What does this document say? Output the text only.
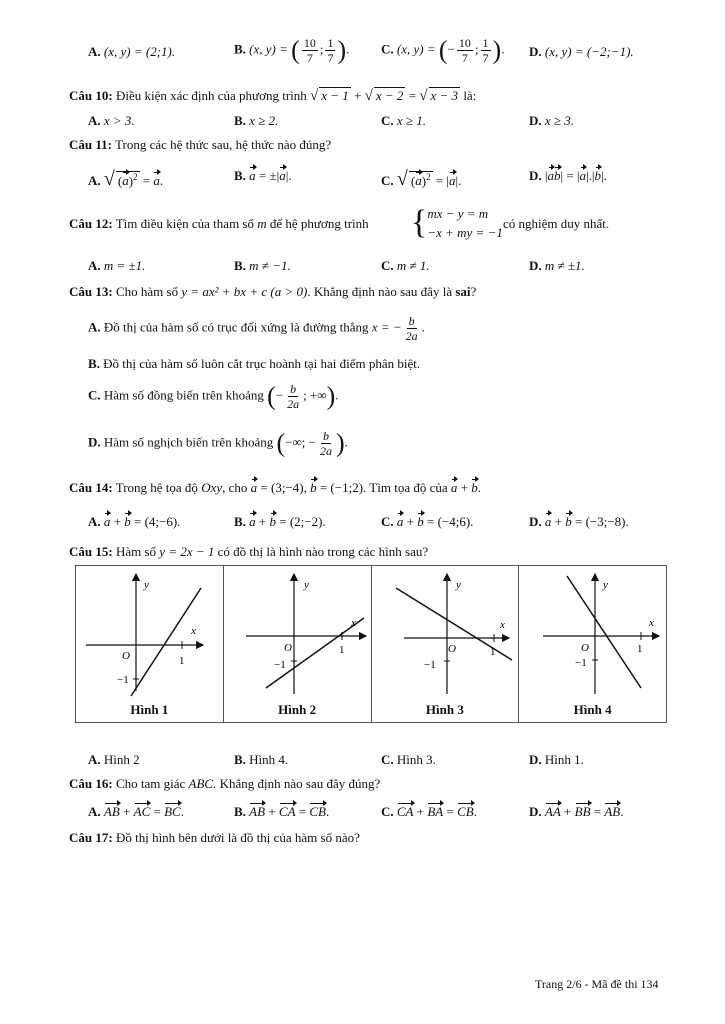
A. (x, y) = (2;1).	B. (x, y) = ( $\frac{10}{7}$ ; $\frac{1}{7}$ ). C. (x, y) = (− $\frac{10}{7}$ ; $\frac{1}{7}$ ). D. (x, y) = (−2;−1).
Câu 10: Điều kiện xác định của phương trình √ x − 1 + √ x − 2 = √ x − 3 là:
A. x > 3.	B. x ≥ 2.	C. x ≥ 1.	D. x ≥ 3.
Câu 11: Trong các hệ thức sau, hệ thức nào đúng?
A. √ $(a)^2 = a$.	B. a = ±|a|.	C. √ $(a)^2 = |a|$.	D. |ab| = |a|.|b|.
Câu 12: Tìm điều kiện của tham số m để hệ phương trình { mx − y = m
−x + my = −1
có nghiệm duy nhất.
A. m = ±1.	B. m ≠ −1.	C. m ≠ 1.	D. m ≠ ±1.
Câu 13: Cho hàm số y = ax² + bx + c (a > 0). Khẳng định nào sau đây là sai?
A. Đồ thị của hàm số có trục đối xứng là đường thẳng x = − $\frac{b}{2a}$ .
B. Đồ thị của hàm số luôn cắt trục hoành tại hai điểm phân biệt.
C. Hàm số đồng biến trên khoảng (− $\frac{b}{2a}$ ; +∞).
D. Hàm số nghịch biến trên khoảng (−∞; − $\frac{b}{2a}$ ).
Câu 14: Trong hệ tọa độ Oxy, cho a = (3;−4), b = (−1;2). Tìm tọa độ của a + b.
A. a + b = (4;−6).	B. a + b = (2;−2).	C. a + b = (−4;6).	D. a + b = (−3;−8).
Câu 15: Hàm số y = 2x − 1 có đồ thị là hình nào trong các hình sau?
y
x
O	1
−1
Hình 1

y
x
O	1
−1
Hình 2

y
x
O	1
−1
Hình 3

y
x
O	1
−1
Hình 4
A. Hình 2	B. Hình 4.	C. Hình 3.	D. Hình 1.
Câu 16: Cho tam giác ABC. Khẳng định nào sau đây đúng?
A. AB + AC = BC.	B. AB + CA = CB.	C. CA + BA = CB.	D. AA + BB = AB.
Câu 17: Đồ thị hình bên dưới là đồ thị của hàm số nào?
Trang 2/6 - Mã đề thi 134
